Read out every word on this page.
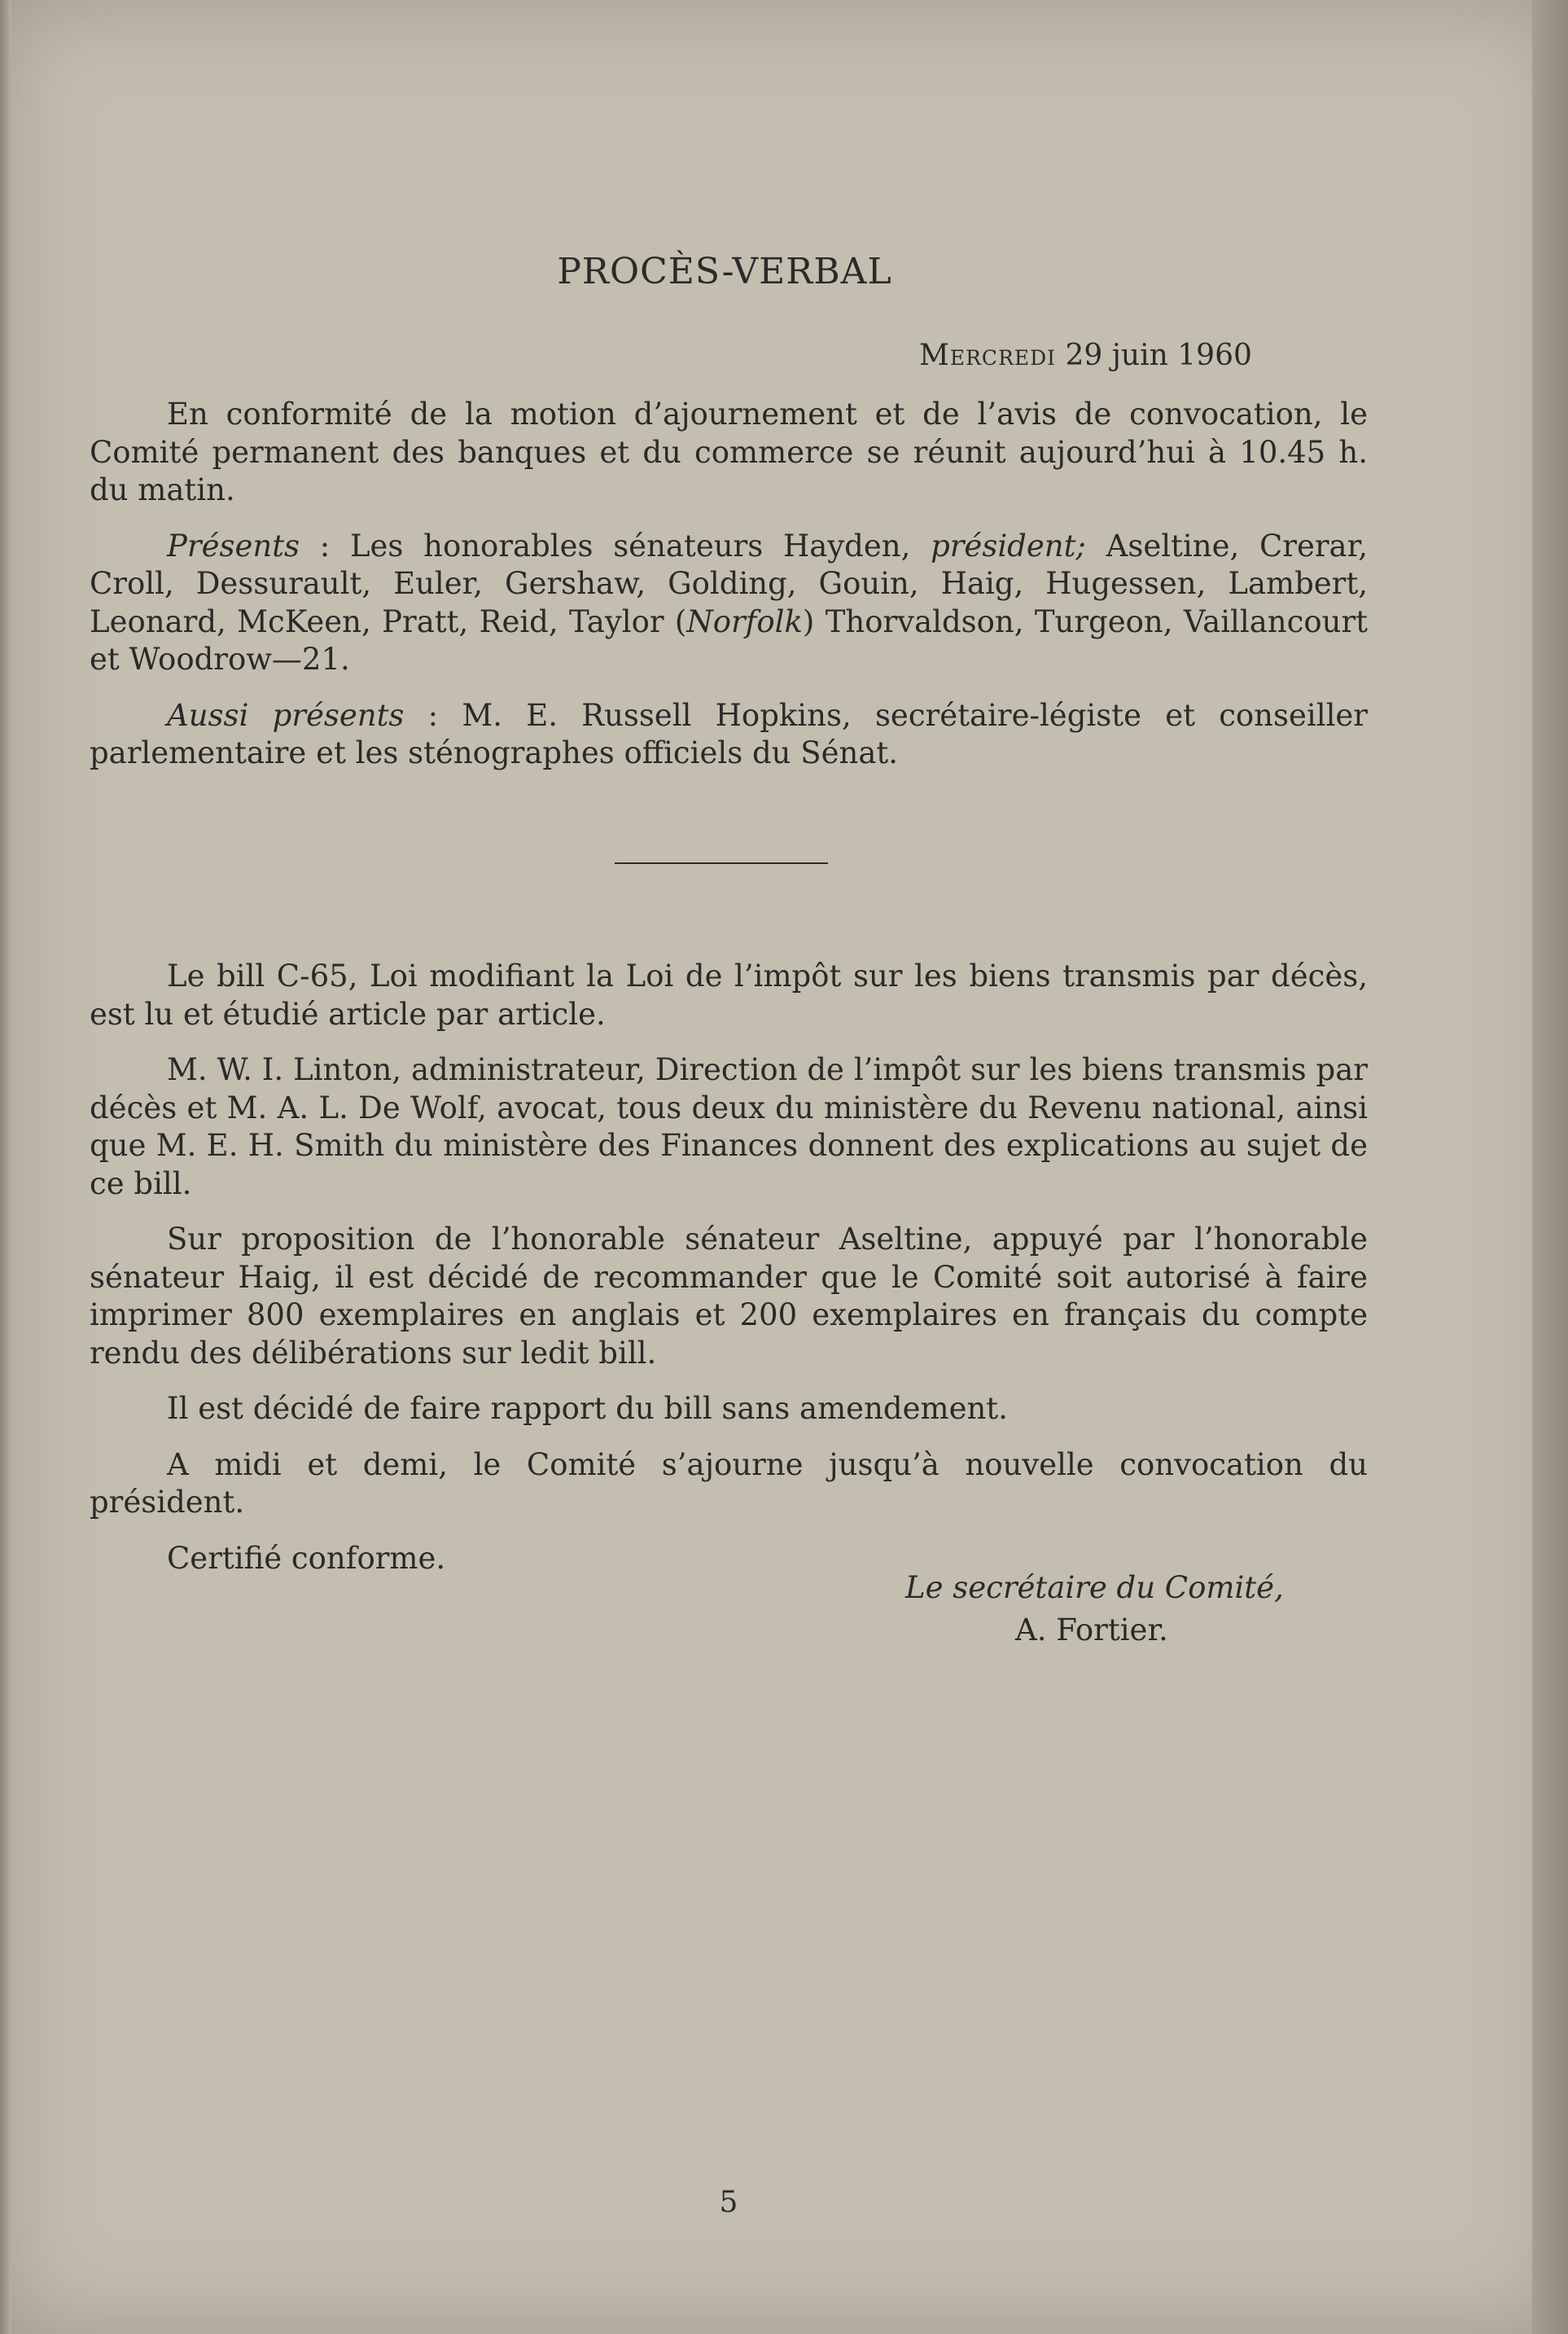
PROCÈS-VERBAL
Mercredi 29 juin 1960

En conformité de la motion d’ajournement et de l’avis de convocation, le Comité permanent des banques et du commerce se réunit aujourd’hui à 10.45 h. du matin.

Présents : Les honorables sénateurs Hayden, président; Aseltine, Crerar, Croll, Dessurault, Euler, Gershaw, Golding, Gouin, Haig, Hugessen, Lambert, Leonard, McKeen, Pratt, Reid, Taylor (Norfolk) Thorvaldson, Turgeon, Vaillancourt et Woodrow—21.

Aussi présents : M. E. Russell Hopkins, secrétaire-légiste et conseiller parlementaire et les sténographes officiels du Sénat.

Le bill C-65, Loi modifiant la Loi de l’impôt sur les biens transmis par décès, est lu et étudié article par article.

M. W. I. Linton, administrateur, Direction de l’impôt sur les biens transmis par décès et M. A. L. De Wolf, avocat, tous deux du ministère du Revenu national, ainsi que M. E. H. Smith du ministère des Finances donnent des explications au sujet de ce bill.

Sur proposition de l’honorable sénateur Aseltine, appuyé par l’honorable sénateur Haig, il est décidé de recommander que le Comité soit autorisé à faire imprimer 800 exemplaires en anglais et 200 exemplaires en français du compte rendu des délibérations sur ledit bill.

Il est décidé de faire rapport du bill sans amendement.

A midi et demi, le Comité s’ajourne jusqu’à nouvelle convocation du président.

Certifié conforme.

Le secrétaire du Comité,
A. Fortier.
5
